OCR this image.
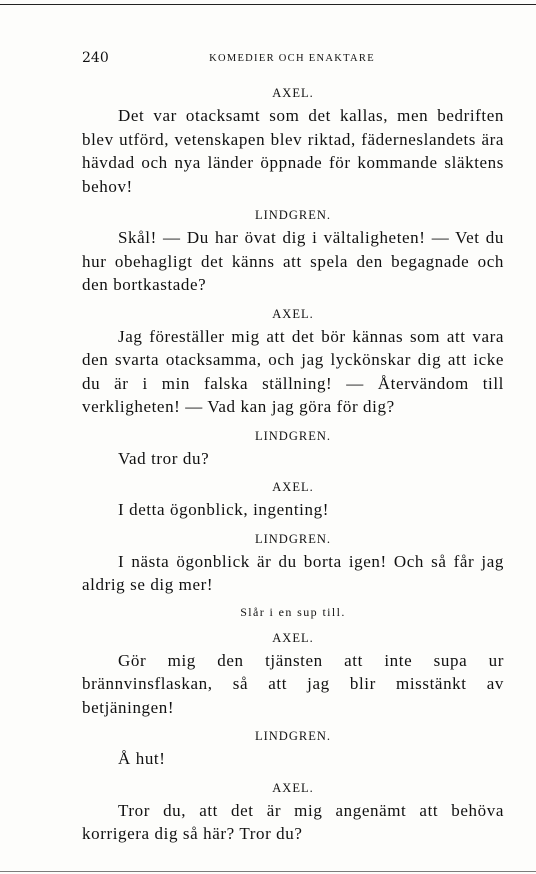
240	KOMEDIER OCH ENAKTARE
AXEL.

Det var otacksamt som det kallas, men bedriften blev utförd, vetenskapen blev riktad, fäderneslandets ära hävdad och nya länder öppnade för kommande släktens behov!

LINDGREN.

Skål! — Du har övat dig i vältaligheten! — Vet du hur obehagligt det känns att spela den begagnade och den bortkastade?

AXEL.

Jag föreställer mig att det bör kännas som att vara den svarta otacksamma, och jag lyckönskar dig att icke du är i min falska ställning! — Återvändom till verkligheten! — Vad kan jag göra för dig?

LINDGREN.

Vad tror du?

AXEL.

I detta ögonblick, ingenting!

LINDGREN.

I nästa ögonblick är du borta igen! Och så får jag aldrig se dig mer!

Slår i en sup till.
AXEL.

Gör mig den tjänsten att inte supa ur brännvinsflaskan, så att jag blir misstänkt av betjäningen!

LINDGREN.

Å hut!

AXEL.

Tror du, att det är mig angenämt att behöva korrigera dig så här? Tror du?
